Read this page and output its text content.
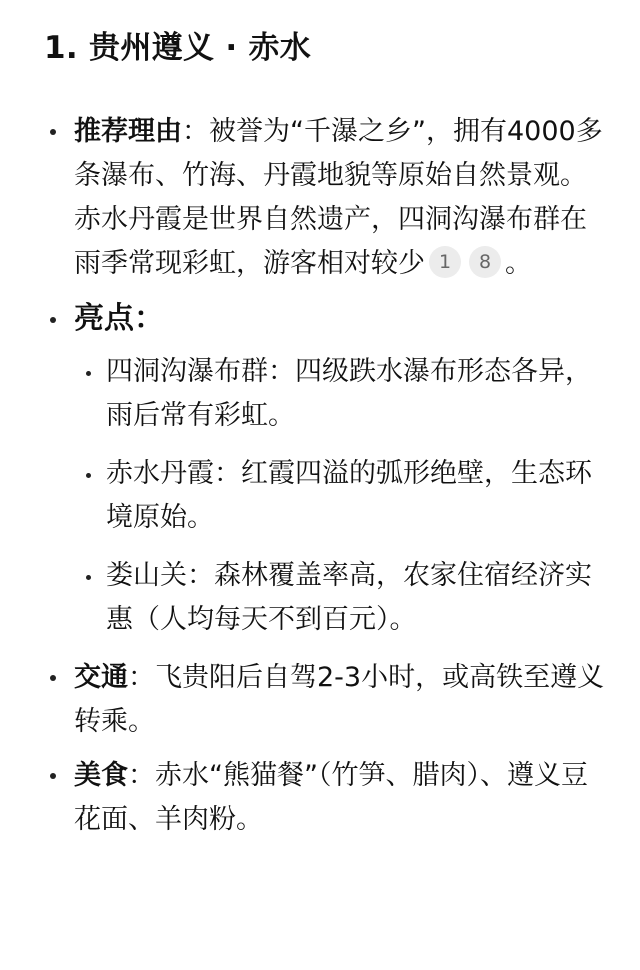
1. 贵州遵义 · 赤水
推荐理由：被誉为“千瀑之乡”，拥有4000多条瀑布、竹海、丹霞地貌等原始自然景观。赤水丹霞是世界自然遗产，四洞沟瀑布群在雨季常现彩虹，游客相对较少 1 8 。
亮点：
四洞沟瀑布群：四级跌水瀑布形态各异，雨后常有彩虹。
赤水丹霞：红霞四溢的弧形绝壁，生态环境原始。
娄山关：森林覆盖率高，农家住宿经济实惠（人均每天不到百元）。
交通：飞贵阳后自驾2-3小时，或高铁至遵义转乘。
美食：赤水“熊猫餐”（竹笋、腊肉）、遵义豆花面、羊肉粉。
